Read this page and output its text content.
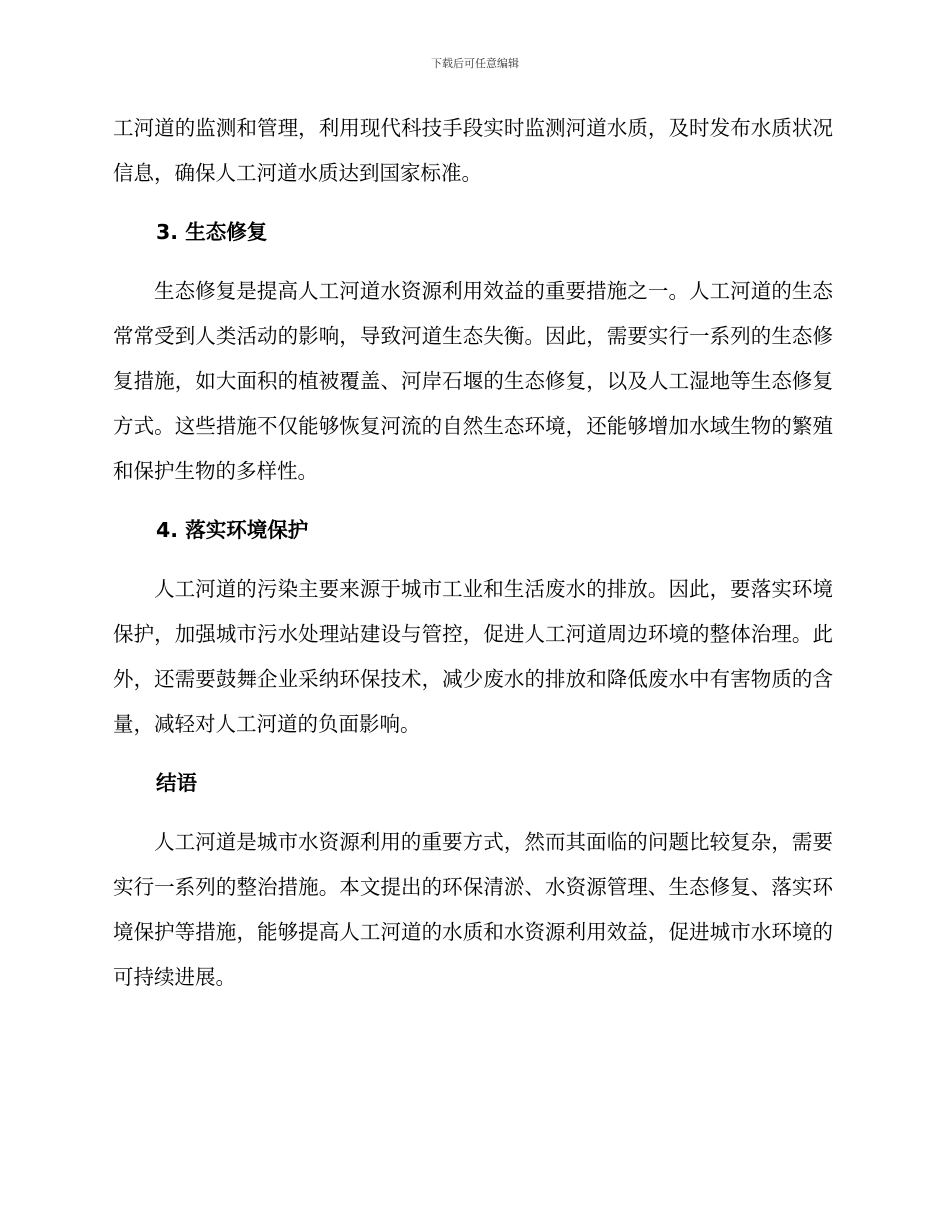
下载后可任意编辑

工河道的监测和管理，利用现代科技手段实时监测河道水质，及时发布水质状况信息，确保人工河道水质达到国家标准。

3. 生态修复

生态修复是提高人工河道水资源利用效益的重要措施之一。人工河道的生态常常受到人类活动的影响，导致河道生态失衡。因此，需要实行一系列的生态修复措施，如大面积的植被覆盖、河岸石堰的生态修复，以及人工湿地等生态修复方式。这些措施不仅能够恢复河流的自然生态环境，还能够增加水域生物的繁殖和保护生物的多样性。

4. 落实环境保护

人工河道的污染主要来源于城市工业和生活废水的排放。因此，要落实环境保护，加强城市污水处理站建设与管控，促进人工河道周边环境的整体治理。此外，还需要鼓舞企业采纳环保技术，减少废水的排放和降低废水中有害物质的含量，减轻对人工河道的负面影响。

结语

人工河道是城市水资源利用的重要方式，然而其面临的问题比较复杂，需要实行一系列的整治措施。本文提出的环保清淤、水资源管理、生态修复、落实环境保护等措施，能够提高人工河道的水质和水资源利用效益，促进城市水环境的可持续进展。
